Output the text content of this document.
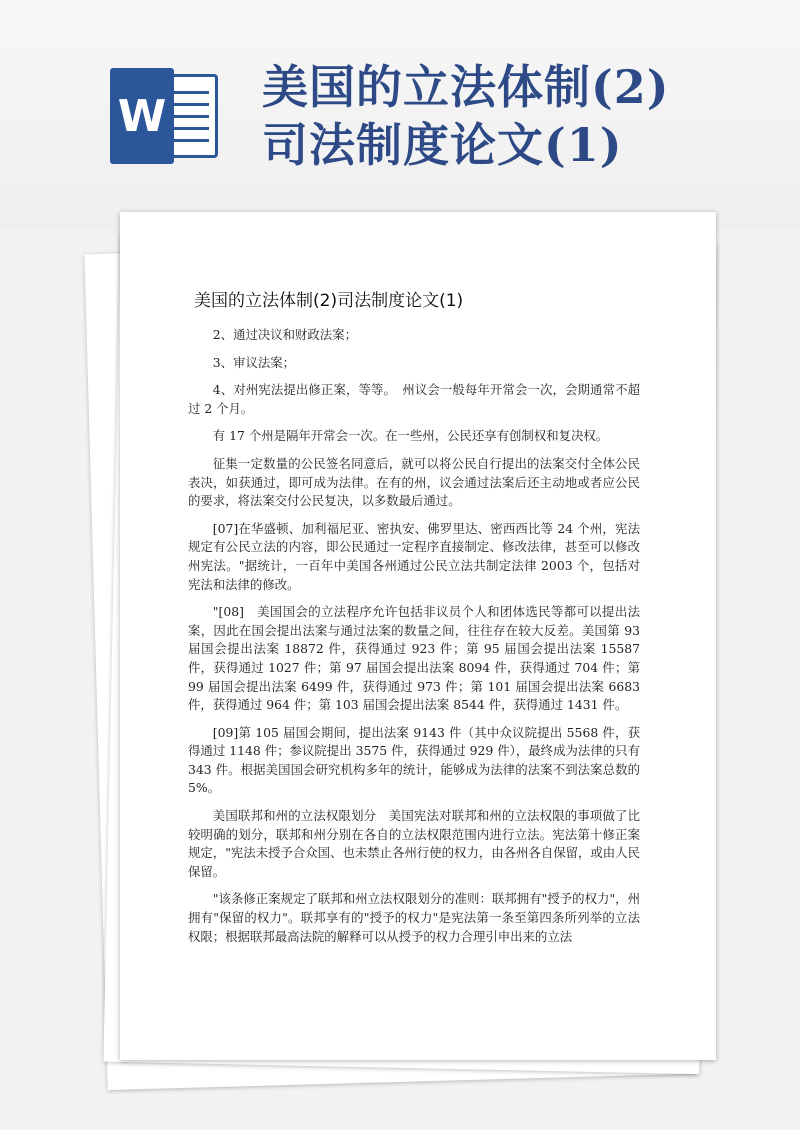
W
美国的立法体制(2)
司法制度论文(1)
美国的立法体制(2)司法制度论文(1)

2、通过决议和财政法案；

3、审议法案；

4、对州宪法提出修正案，等等。　州议会一般每年开常会一次，会期通常不超过 2 个月。

有 17 个州是隔年开常会一次。在一些州，公民还享有创制权和复决权。

征集一定数量的公民签名同意后，就可以将公民自行提出的法案交付全体公民表决，如获通过，即可成为法律。在有的州，议会通过法案后还主动地或者应公民的要求，将法案交付公民复决，以多数最后通过。

[07]在华盛顿、加利福尼亚、密执安、佛罗里达、密西西比等 24 个州，宪法规定有公民立法的内容，即公民通过一定程序直接制定、修改法律，甚至可以修改州宪法。"据统计，一百年中美国各州通过公民立法共制定法律 2003 个，包括对宪法和法律的修改。

"[08]　美国国会的立法程序允许包括非议员个人和团体选民等都可以提出法案，因此在国会提出法案与通过法案的数量之间，往往存在较大反差。美国第 93 届国会提出法案 18872 件，获得通过 923 件；第 95 届国会提出法案 15587 件，获得通过 1027 件；第 97 届国会提出法案 8094 件，获得通过 704 件；第 99 届国会提出法案 6499 件，获得通过 973 件；第 101 届国会提出法案 6683 件，获得通过 964 件；第 103 届国会提出法案 8544 件，获得通过 1431 件。

[09]第 105 届国会期间，提出法案 9143 件（其中众议院提出 5568 件，获得通过 1148 件；参议院提出 3575 件，获得通过 929 件），最终成为法律的只有 343 件。根据美国国会研究机构多年的统计，能够成为法律的法案不到法案总数的 5%。

美国联邦和州的立法权限划分　美国宪法对联邦和州的立法权限的事项做了比较明确的划分，联邦和州分别在各自的立法权限范围内进行立法。宪法第十修正案规定，"宪法未授予合众国、也未禁止各州行使的权力，由各州各自保留，或由人民保留。

"该条修正案规定了联邦和州立法权限划分的准则：联邦拥有"授予的权力"，州拥有"保留的权力"。联邦享有的"授予的权力"是宪法第一条至第四条所列举的立法权限；根据联邦最高法院的解释可以从授予的权力合理引申出来的立法
